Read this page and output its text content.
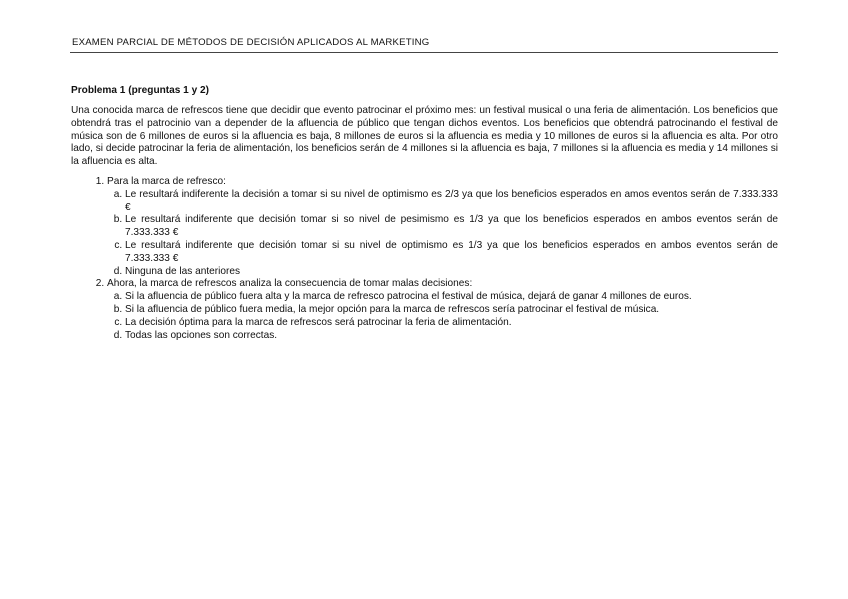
EXAMEN PARCIAL DE MÉTODOS DE DECISIÓN APLICADOS AL MARKETING
Problema 1 (preguntas 1 y 2)

Una conocida marca de refrescos tiene que decidir que evento patrocinar el próximo mes: un festival musical o una feria de alimentación. Los beneficios que obtendrá tras el patrocinio van a depender de la afluencia de público que tengan dichos eventos. Los beneficios que obtendrá patrocinando el festival de música son de 6 millones de euros si la afluencia es baja, 8 millones de euros si la afluencia es media y 10 millones de euros si la afluencia es alta. Por otro lado, si decide patrocinar la feria de alimentación, los beneficios serán de 4 millones si la afluencia es baja, 7 millones si la afluencia es media y 14 millones si la afluencia es alta.

1. Para la marca de refresco:
a. Le resultará indiferente la decisión a tomar si su nivel de optimismo es 2/3 ya que los beneficios esperados en amos eventos serán de 7.333.333 €
b. Le resultará indiferente que decisión tomar si so nivel de pesimismo es 1/3 ya que los beneficios esperados en ambos eventos serán de 7.333.333 €
c. Le resultará indiferente que decisión tomar si su nivel de optimismo es 1/3 ya que los beneficios esperados en ambos eventos serán de 7.333.333 €
d. Ninguna de las anteriores
2. Ahora, la marca de refrescos analiza la consecuencia de tomar malas decisiones:
a. Si la afluencia de público fuera alta y la marca de refresco patrocina el festival de música, dejará de ganar 4 millones de euros.
b. Si la afluencia de público fuera media, la mejor opción para la marca de refrescos sería patrocinar el festival de música.
c. La decisión óptima para la marca de refrescos será patrocinar la feria de alimentación.
d. Todas las opciones son correctas.
